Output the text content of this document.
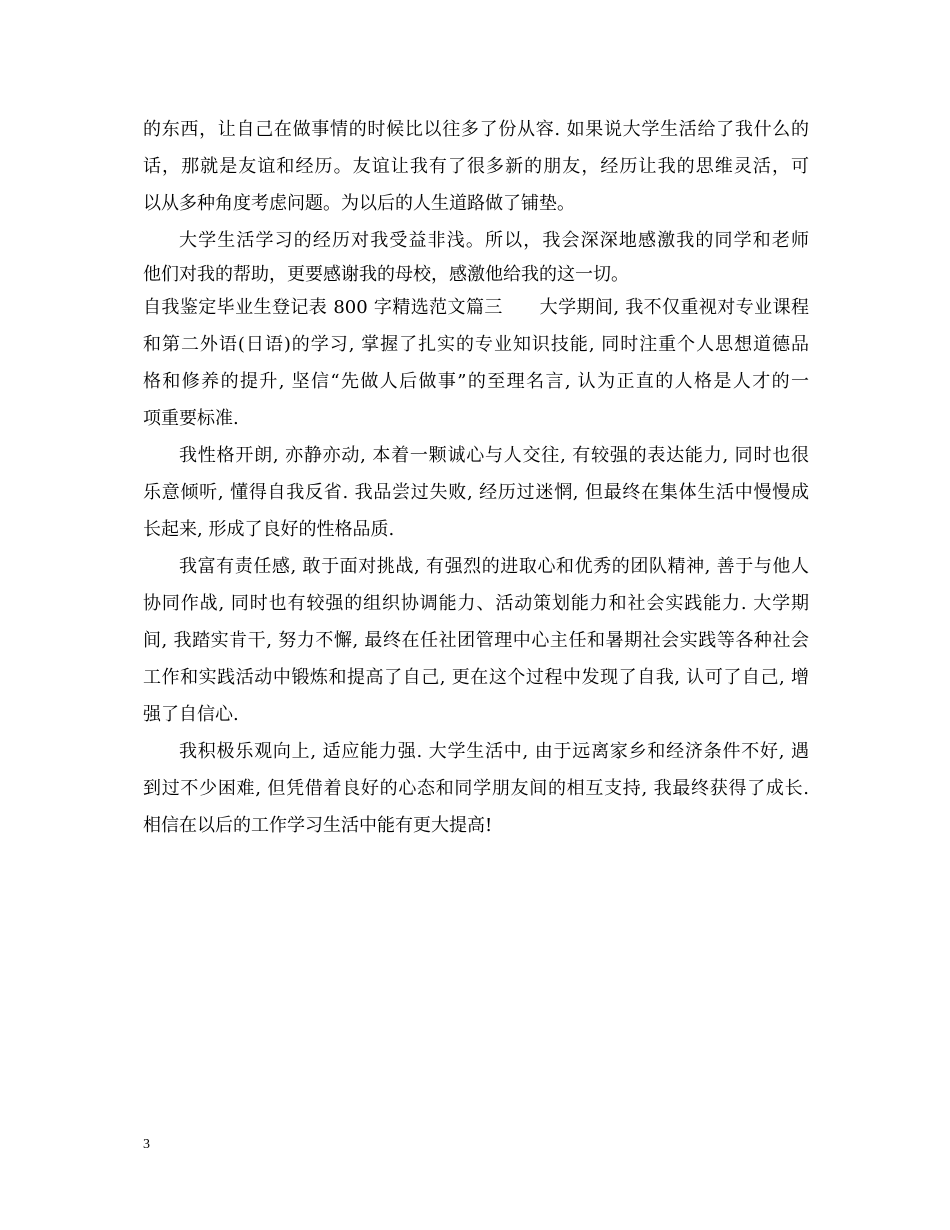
的东西，让自己在做事情的时候比以往多了份从容. 如果说大学生活给了我什么的
话，那就是友谊和经历。友谊让我有了很多新的朋友，经历让我的思维灵活，可
以从多种角度考虑问题。为以后的人生道路做了铺垫。
大学生活学习的经历对我受益非浅。所以，我会深深地感激我的同学和老师
他们对我的帮助，更要感谢我的母校，感激他给我的这一切。
自我鉴定毕业生登记表 800 字精选范文篇三　　大学期间, 我不仅重视对专业课程
和第二外语(日语)的学习, 掌握了扎实的专业知识技能, 同时注重个人思想道德品
格和修养的提升, 坚信“先做人后做事”的至理名言, 认为正直的人格是人才的一
项重要标准.
我性格开朗, 亦静亦动, 本着一颗诚心与人交往, 有较强的表达能力, 同时也很
乐意倾听, 懂得自我反省. 我品尝过失败, 经历过迷惘, 但最终在集体生活中慢慢成
长起来, 形成了良好的性格品质.
我富有责任感, 敢于面对挑战, 有强烈的进取心和优秀的团队精神, 善于与他人
协同作战, 同时也有较强的组织协调能力、活动策划能力和社会实践能力. 大学期
间, 我踏实肯干, 努力不懈, 最终在任社团管理中心主任和暑期社会实践等各种社会
工作和实践活动中锻炼和提高了自己, 更在这个过程中发现了自我, 认可了自己, 增
强了自信心.
我积极乐观向上, 适应能力强. 大学生活中, 由于远离家乡和经济条件不好, 遇
到过不少困难, 但凭借着良好的心态和同学朋友间的相互支持, 我最终获得了成长.
相信在以后的工作学习生活中能有更大提高!
3
